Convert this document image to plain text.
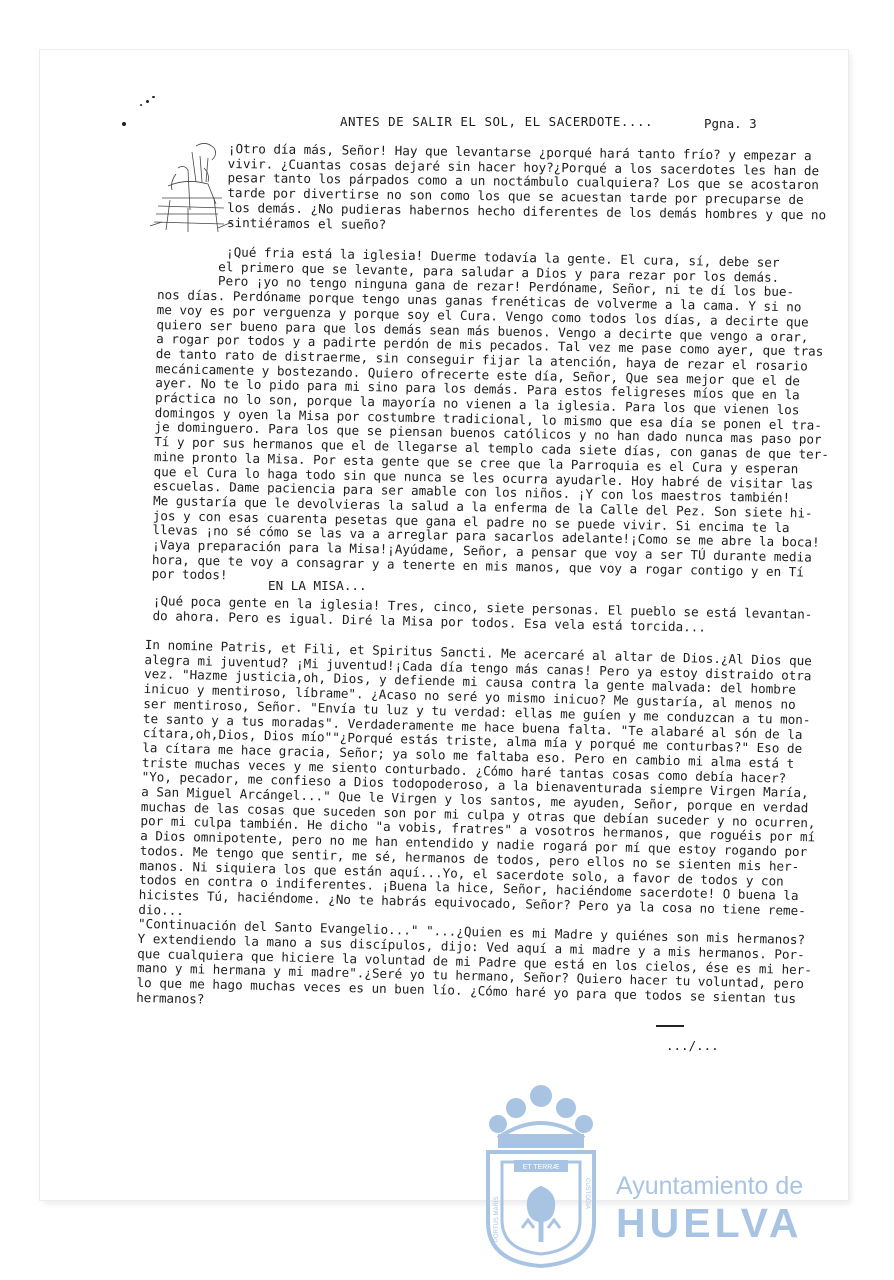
ANTES DE SALIR EL SOL, EL SACERDOTE....	Pgna. 3
¡Otro día más, Señor! Hay que levantarse ¿porqué hará tanto frío? y empezar a
vivir. ¿Cuantas cosas dejaré sin hacer hoy?¿Porqué a los sacerdotes les han de
pesar tanto los párpados como a un noctámbulo cualquiera? Los que se acostaron
tarde por divertirse no son como los que se acuestan tarde por precuparse de
los demás. ¿No pudieras habernos hecho diferentes de los demás hombres y que no
sintiéramos el sueño?
¡Qué fria está la iglesia! Duerme todavía la gente. El cura, sí, debe ser
el primero que se levante, para saludar a Dios y para rezar por los demás.
Pero ¡yo no tengo ninguna gana de rezar! Perdóname, Señor, ni te dí los bue-
nos días. Perdóname porque tengo unas ganas frenéticas de volverme a la cama. Y si no
me voy es por verguenza y porque soy el Cura. Vengo como todos los días, a decirte que
quiero ser bueno para que los demás sean más buenos. Vengo a decirte que vengo a orar,
a rogar por todos y a padirte perdón de mis pecados. Tal vez me pase como ayer, que tras
de tanto rato de distraerme, sin conseguir fijar la atención, haya de rezar el rosario
mecánicamente y bostezando. Quiero ofrecerte este día, Señor, Que sea mejor que el de
ayer. No te lo pido para mi sino para los demás. Para estos feligreses míos que en la
práctica no lo son, porque la mayoría no vienen a la iglesia. Para los que vienen los
domingos y oyen la Misa por costumbre tradicional, lo mismo que esa día se ponen el tra-
je dominguero. Para los que se piensan buenos católicos y no han dado nunca mas paso por
Tí y por sus hermanos que el de llegarse al templo cada siete días, con ganas de que ter-
mine pronto la Misa. Por esta gente que se cree que la Parroquia es el Cura y esperan
que el Cura lo haga todo sin que nunca se les ocurra ayudarle. Hoy habré de visitar las
escuelas. Dame paciencia para ser amable con los niños. ¡Y con los maestros también!
Me gustaría que le devolvieras la salud a la enferma de la Calle del Pez. Son siete hi-
jos y con esas cuarenta pesetas que gana el padre no se puede vivir. Si encima te la
llevas ¡no sé cómo se las va a arreglar para sacarlos adelante!¡Como se me abre la boca!
¡Vaya preparación para la Misa!¡Ayúdame, Señor, a pensar que voy a ser TÚ durante media
hora, que te voy a consagrar y a tenerte en mis manos, que voy a rogar contigo y en Tí
por todos!
EN LA MISA...
¡Qué poca gente en la iglesia! Tres, cinco, siete personas. El pueblo se está levantan-
do ahora. Pero es igual. Diré la Misa por todos. Esa vela está torcida...
In nomine Patris, et Fili, et Spiritus Sancti. Me acercaré al altar de Dios.¿Al Dios que
alegra mi juventud? ¡Mi juventud!¡Cada día tengo más canas! Pero ya estoy distraido otra
vez. "Hazme justicia,oh, Dios, y defiende mi causa contra la gente malvada: del hombre
inicuo y mentiroso, líbrame". ¿Acaso no seré yo mismo inicuo? Me gustaría, al menos no
ser mentiroso, Señor. "Envía tu luz y tu verdad: ellas me guíen y me conduzcan a tu mon-
te santo y a tus moradas". Verdaderamente me hace buena falta. "Te alabaré al són de la
cítara,oh,Dios, Dios mío""¿Porqué estás triste, alma mía y porqué me conturbas?" Eso de
la cítara me hace gracia, Señor; ya solo me faltaba eso. Pero en cambio mi alma está t
triste muchas veces y me siento conturbado. ¿Cómo haré tantas cosas como debía hacer?
"Yo, pecador, me confieso a Dios todopoderoso, a la bienaventurada siempre Virgen María,
a San Miguel Arcángel..." Que le Virgen y los santos, me ayuden, Señor, porque en verdad
muchas de las cosas que suceden son por mi culpa y otras que debían suceder y no ocurren,
por mi culpa también. He dicho "a vobis, fratres" a vosotros hermanos, que roguéis por mí
a Dios omnipotente, pero no me han entendido y nadie rogará por mí que estoy rogando por
todos. Me tengo que sentir, me sé, hermanos de todos, pero ellos no se sienten mis her-
manos. Ni siquiera los que están aquí...Yo, el sacerdote solo, a favor de todos y con
todos en contra o indiferentes. ¡Buena la hice, Señor, haciéndome sacerdote! O buena la
hicistes Tú, haciéndome. ¿No te habrás equivocado, Señor? Pero ya la cosa no tiene reme-
dio...
"Continuación del Santo Evangelio..." "...¿Quien es mi Madre y quiénes son mis hermanos?
Y extendiendo la mano a sus discípulos, dijo: Ved aquí a mi madre y a mis hermanos. Por-
que cualquiera que hiciere la voluntad de mi Padre que está en los cielos, ése es mi her-
mano y mi hermana y mi madre".¿Seré yo tu hermano, Señor? Quiero hacer tu voluntad, pero
lo que me hago muchas veces es un buen lío. ¿Cómo haré yo para que todos se sientan tus
hermanos?
.../...
ET TERRÆ
PORTUS MARIS
CUSTODIA Ayuntamiento de
HUELVA
